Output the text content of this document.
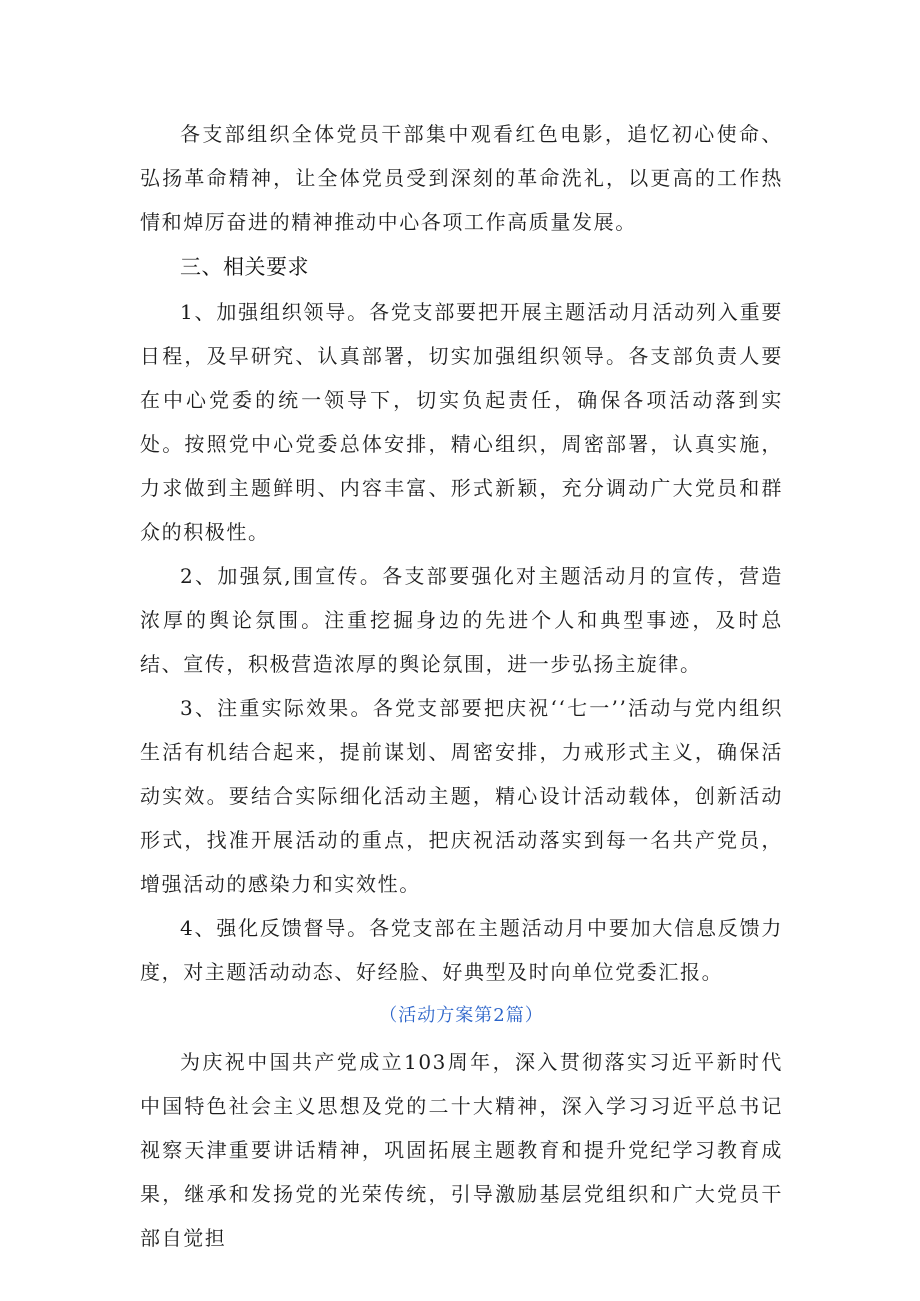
各支部组织全体党员干部集中观看红色电影，追忆初心使命、弘扬革命精神，让全体党员受到深刻的革命洗礼，以更高的工作热情和焯厉奋进的精神推动中心各项工作高质量发展。

三、相关要求

1、加强组织领导。各党支部要把开展主题活动月活动列入重要日程，及早研究、认真部署，切实加强组织领导。各支部负责人要在中心党委的统一领导下，切实负起责任，确保各项活动落到实处。按照党中心党委总体安排，精心组织，周密部署，认真实施，力求做到主题鲜明、内容丰富、形式新颖，充分调动广大党员和群众的积极性。

2、加强氛,围宣传。各支部要强化对主题活动月的宣传，营造浓厚的舆论氛围。注重挖掘身边的先进个人和典型事迹，及时总结、宣传，积极营造浓厚的舆论氛围，进一步弘扬主旋律。

3、注重实际效果。各党支部要把庆祝‘‘七一’’活动与党内组织生活有机结合起来，提前谋划、周密安排，力戒形式主义，确保活动实效。要结合实际细化活动主题，精心设计活动载体，创新活动形式，找准开展活动的重点，把庆祝活动落实到每一名共产党员，增强活动的感染力和实效性。

4、强化反馈督导。各党支部在主题活动月中要加大信息反馈力度，对主题活动动态、好经脸、好典型及时向单位党委汇报。

（活动方案第2篇）

为庆祝中国共产党成立103周年，深入贯彻落实习近平新时代中国特色社会主义思想及党的二十大精神，深入学习习近平总书记视察天津重要讲话精神，巩固拓展主题教育和提升党纪学习教育成果，继承和发扬党的光荣传统，引导激励基层党组织和广大党员干部自觉担
